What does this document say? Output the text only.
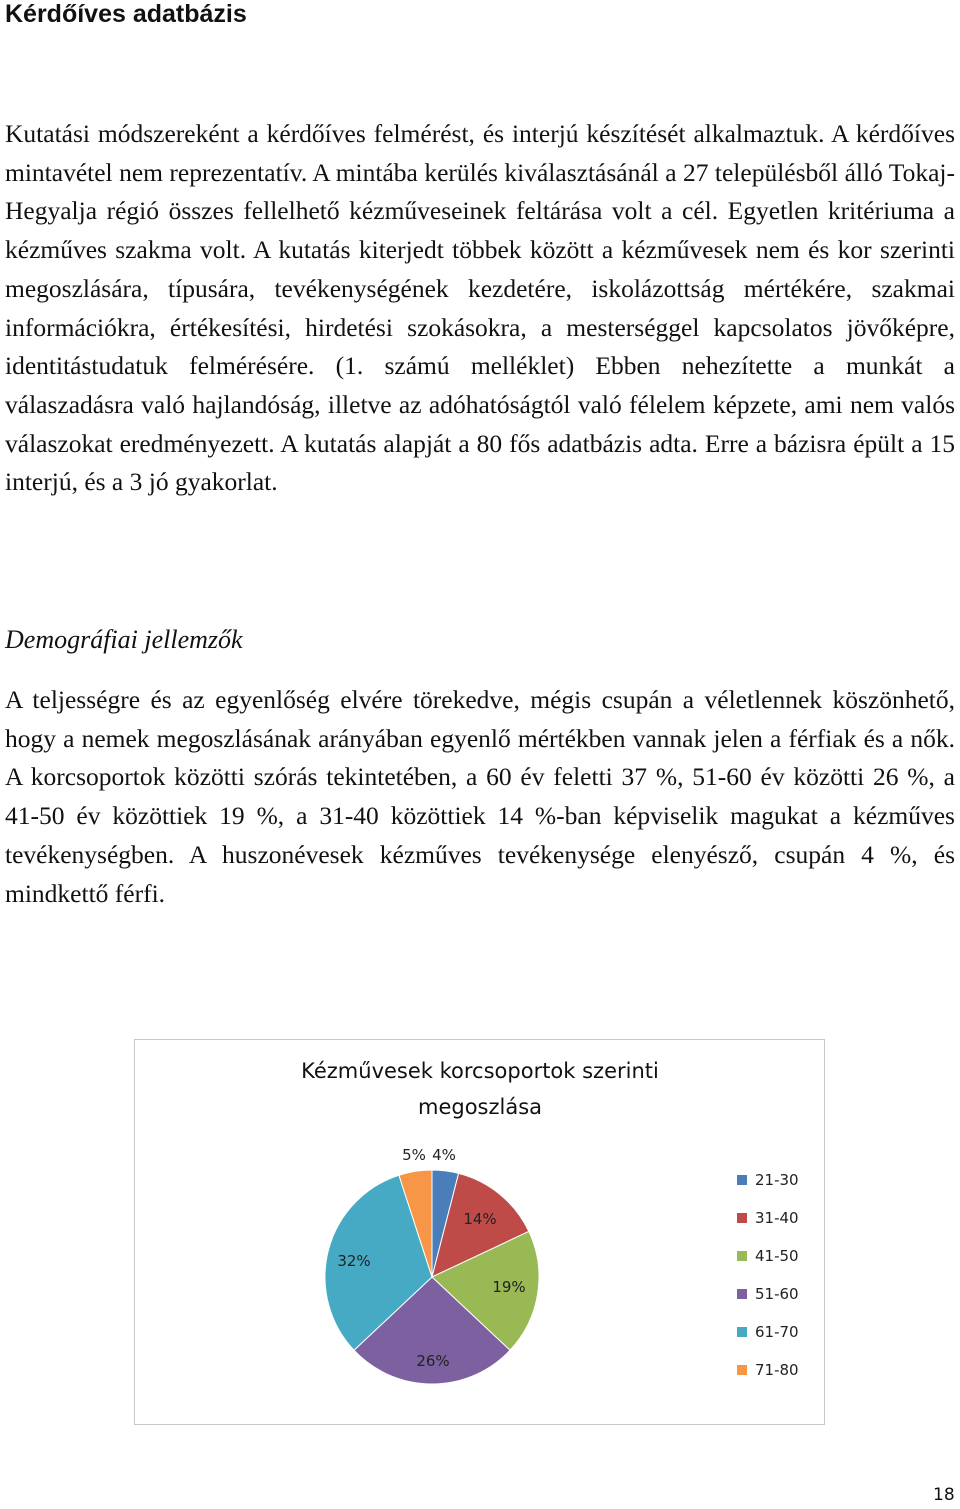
Kérdőíves adatbázis

Kutatási módszereként a kérdőíves felmérést, és interjú készítését alkalmaztuk. A kérdőíves mintavétel nem reprezentatív. A mintába kerülés kiválasztásánál a 27 településből álló Tokaj-Hegyalja régió összes fellelhető kézműveseinek feltárása volt a cél. Egyetlen kritériuma a kézműves szakma volt. A kutatás kiterjedt többek között a kézművesek nem és kor szerinti megoszlására, típusára, tevékenységének kezdetére, iskolázottság mértékére, szakmai információkra, értékesítési, hirdetési szokásokra, a mesterséggel kapcsolatos jövőképre, identitástudatuk felmérésére. (1. számú melléklet) Ebben nehezítette a munkát a válaszadásra való hajlandóság, illetve az adóhatóságtól való félelem képzete, ami nem valós válaszokat eredményezett. A kutatás alapját a 80 fős adatbázis adta. Erre a bázisra épült a 15 interjú, és a 3 jó gyakorlat.

Demográfiai jellemzők

A teljességre és az egyenlőség elvére törekedve, mégis csupán a véletlennek köszönhető, hogy a nemek megoszlásának arányában egyenlő mértékben vannak jelen a férfiak és a nők. A korcsoportok közötti szórás tekintetében, a 60 év feletti 37 %, 51-60 év közötti 26 %, a 41-50 év közöttiek 19 %, a 31-40 közöttiek 14 %-ban képviselik magukat a kézműves tevékenységben. A huszonévesek kézműves tevékenysége elenyésző, csupán 4 %, és mindkettő férfi.

Kézművesek korcsoportok szerinti
megoszlása
4%
14%
19%
26%
32%
5%
21-30
31-40
41-50
51-60
61-70
71-80
18
